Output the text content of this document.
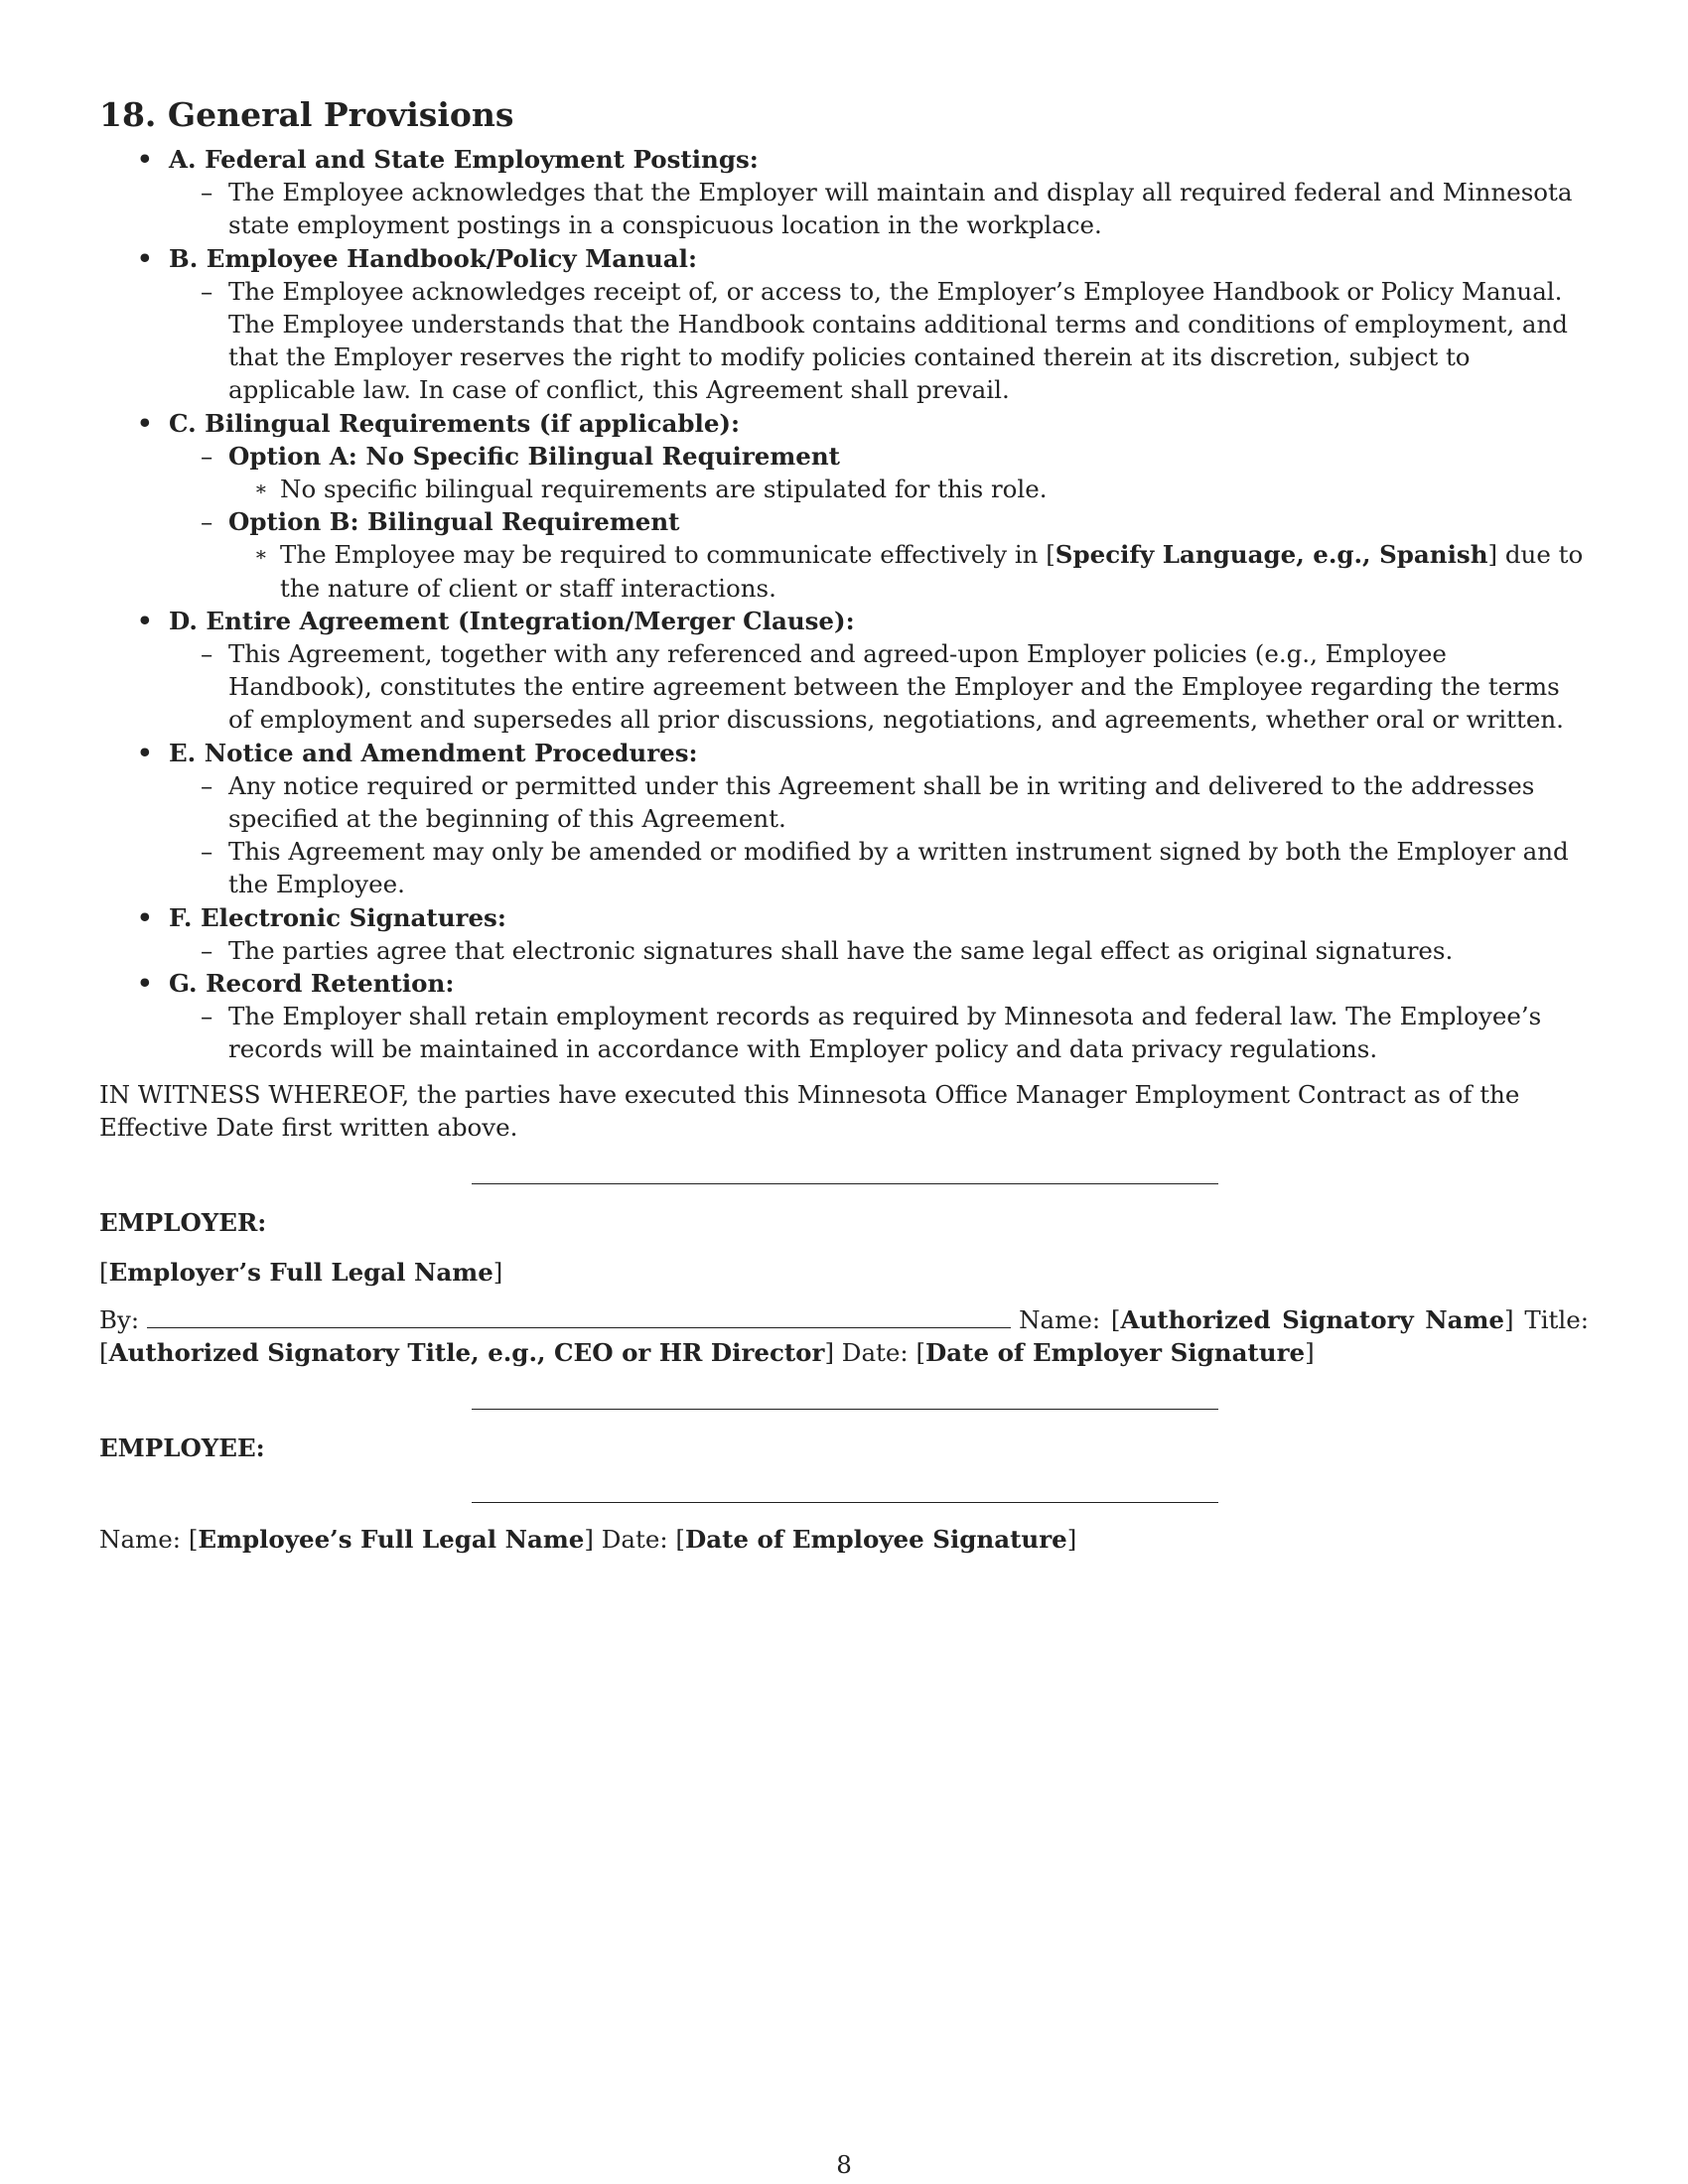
18. General Provisions
• A. Federal and State Employment Postings:
– The Employee acknowledges that the Employer will maintain and display all required federal and Minnesota state employment postings in a conspicuous location in the workplace.
• B. Employee Handbook/Policy Manual:
– The Employee acknowledges receipt of, or access to, the Employer’s Employee Handbook or Policy Manual. The Employee understands that the Handbook contains additional terms and conditions of employment, and that the Employer reserves the right to modify policies contained therein at its discretion, subject to applicable law. In case of conflict, this Agreement shall prevail.
• C. Bilingual Requirements (if applicable):
– Option A: No Specific Bilingual Requirement
∗ No specific bilingual requirements are stipulated for this role.
– Option B: Bilingual Requirement
∗ The Employee may be required to communicate effectively in [Specify Language, e.g., Spanish] due to the nature of client or staff interactions.
• D. Entire Agreement (Integration/Merger Clause):
– This Agreement, together with any referenced and agreed-upon Employer policies (e.g., Employee Handbook), constitutes the entire agreement between the Employer and the Employee regarding the terms of employment and supersedes all prior discussions, negotiations, and agreements, whether oral or written.
• E. Notice and Amendment Procedures:
– Any notice required or permitted under this Agreement shall be in writing and delivered to the addresses specified at the beginning of this Agreement.
– This Agreement may only be amended or modified by a written instrument signed by both the Employer and the Employee.
• F. Electronic Signatures:
– The parties agree that electronic signatures shall have the same legal effect as original signatures.
• G. Record Retention:
– The Employer shall retain employment records as required by Minnesota and federal law. The Employee’s records will be maintained in accordance with Employer policy and data privacy regulations.

IN WITNESS WHEREOF, the parties have executed this Minnesota Office Manager Employment Contract as of the Effective Date first written above.

EMPLOYER:

[Employer’s Full Legal Name]

By:	Name: [Authorized Signatory Name] Title: [Authorized Signatory Title, e.g., CEO or HR Director] Date: [Date of Employer Signature]

EMPLOYEE:

Name: [Employee’s Full Legal Name] Date: [Date of Employee Signature]

8
